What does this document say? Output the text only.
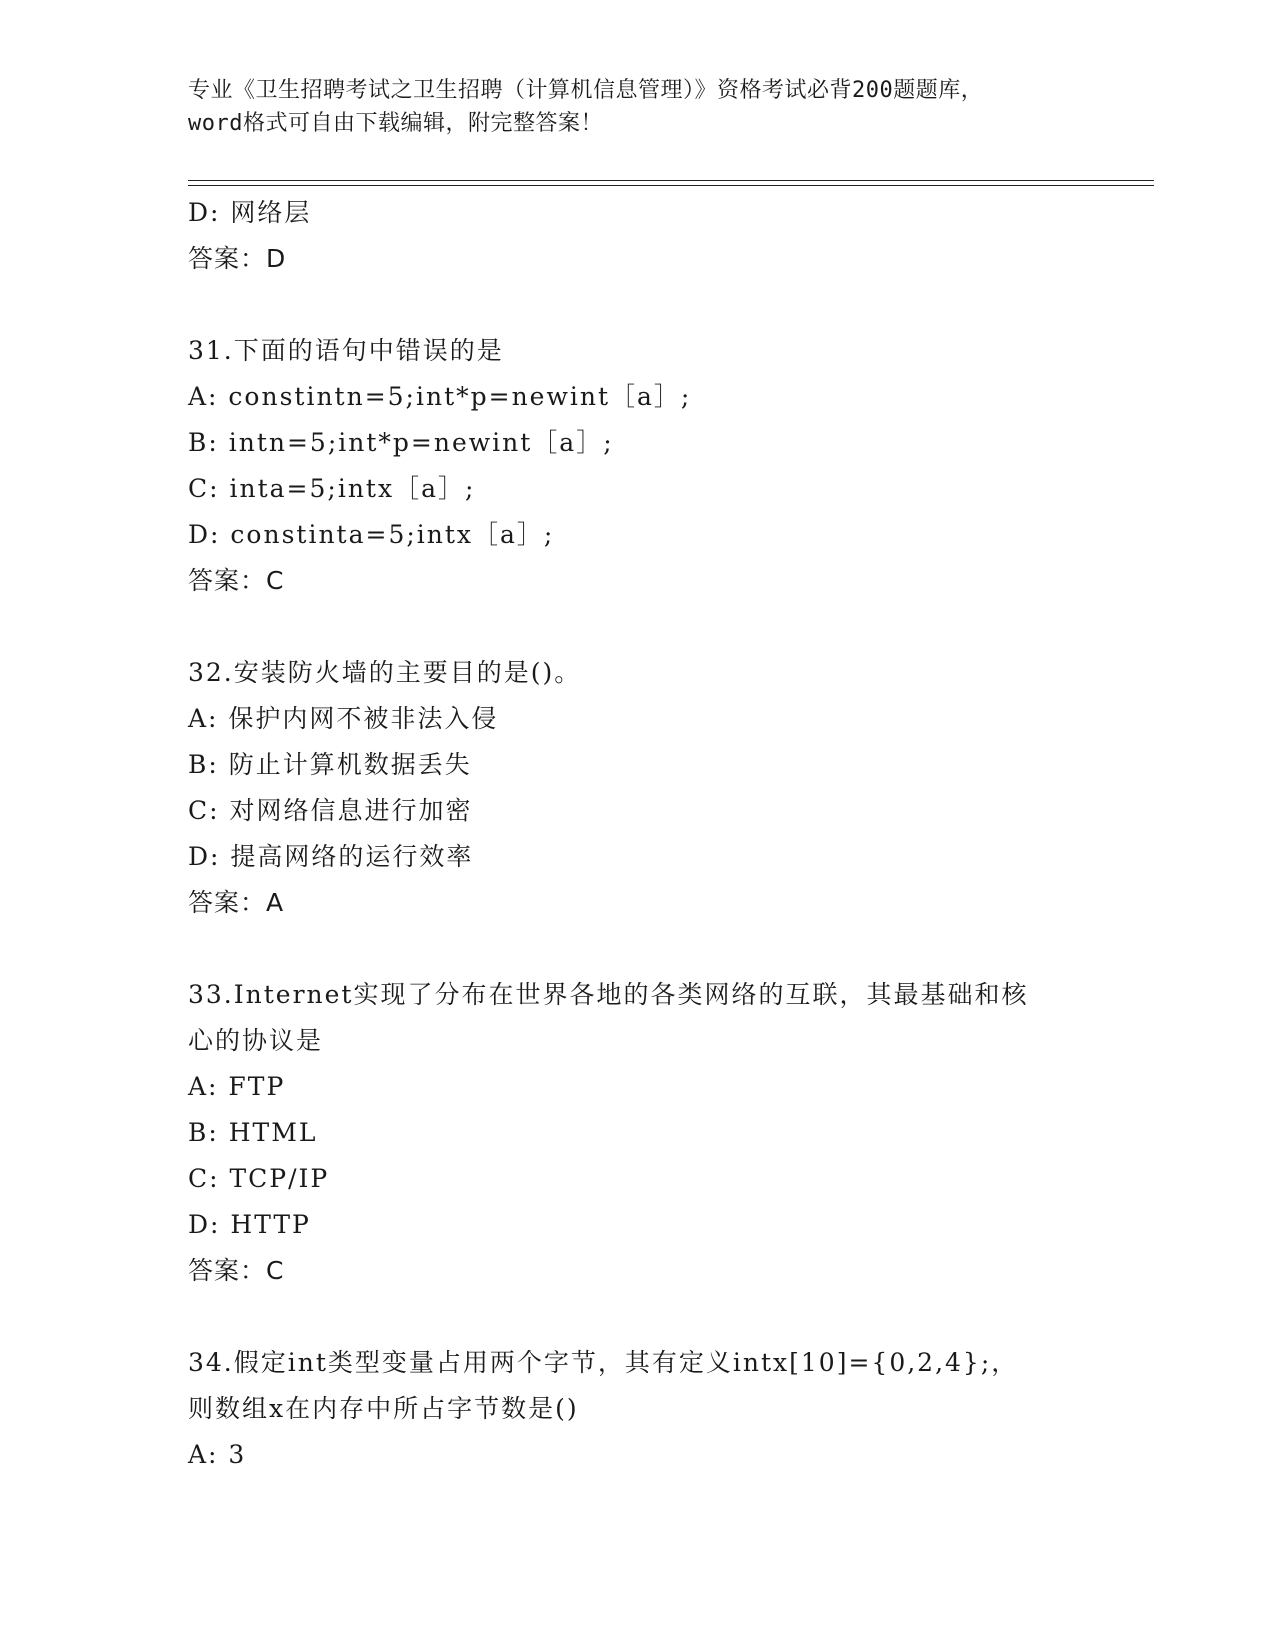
专业《卫生招聘考试之卫生招聘（计算机信息管理）》资格考试必背200题题库，
word格式可自由下载编辑，附完整答案！
D: 网络层
答案：D
31.下面的语句中错误的是
A: constintn=5;int*p=newint［a］;
B: intn=5;int*p=newint［a］;
C: inta=5;intx［a］;
D: constinta=5;intx［a］;
答案：C
32.安装防火墙的主要目的是()。
A: 保护内网不被非法入侵
B: 防止计算机数据丢失
C: 对网络信息进行加密
D: 提高网络的运行效率
答案：A
33.Internet实现了分布在世界各地的各类网络的互联，其最基础和核
心的协议是
A: FTP
B: HTML
C: TCP/IP
D: HTTP
答案：C
34.假定int类型变量占用两个字节，其有定义intx[10]={0,2,4};，
则数组x在内存中所占字节数是()
A: 3
